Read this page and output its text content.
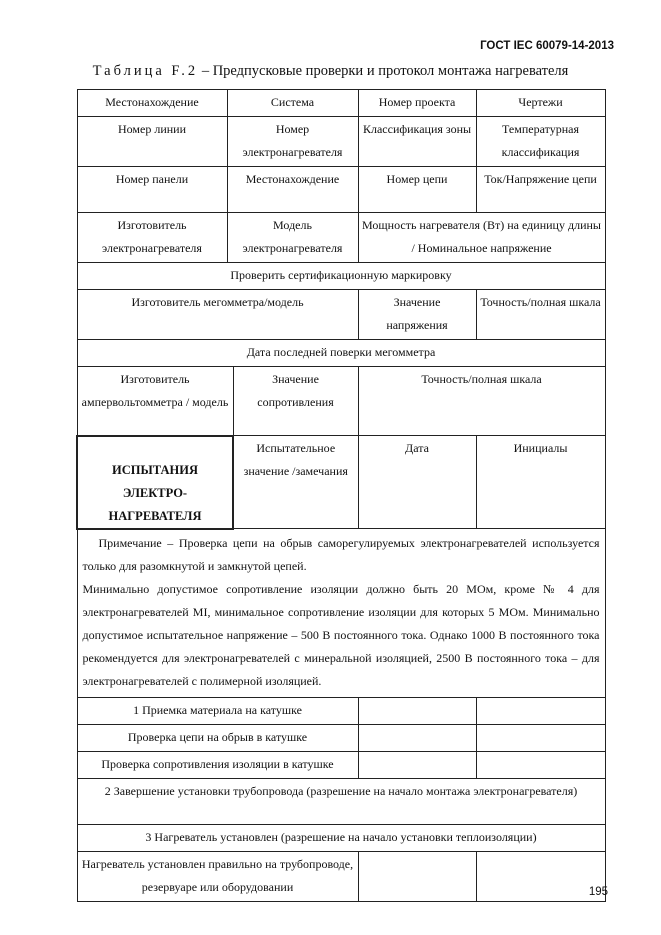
ГОСТ IEC 60079-14-2013
Таблица F.2 – Предпусковые проверки и протокол монтажа нагревателя
Местонахождение	Система		Номер проекта	Чертежи
Номер линии	Номер электронагревателя		Классификация зоны	Температурная классификация
Номер панели	Местонахождение		Номер цепи	Ток/Напряжение цепи
Изготовитель электронагревателя	Модель электронагревателя		Мощность нагревателя (Вт) на единицу длины / Номинальное напряжение	
Проверить сертификационную маркировку				
Изготовитель мегомметра/модель			Значение напряжения	Точность/полная шкала
Дата последней поверки мегомметра				
Изготовитель ампервольтомметра / модель		Значение сопротивления	Точность/полная шкала	
ИСПЫТАНИЯ ЭЛЕКТРО-НАГРЕВАТЕЛЯ		Испытательное значение /замечания	Дата	Инициалы

Примечание – Проверка цепи на обрыв саморегулируемых электронагревателей используется только для разомкнутой и замкнутой цепей.
Минимально допустимое сопротивление изоляции должно быть 20 МОм, кроме № 4 для электронагревателей MI, минимальное сопротивление изоляции для которых 5 МОм. Минимально допустимое испытательное напряжение – 500 В постоянного тока. Однако 1000 В постоянного тока рекомендуется для электронагревателей с минеральной изоляцией, 2500 В постоянного тока – для электронагревателей с полимерной изоляцией.				

1 Приемка материала на катушке				
Проверка цепи на обрыв в катушке				
Проверка сопротивления изоляции в катушке				
2 Завершение установки трубопровода (разрешение на начало монтажа электронагревателя)				
3 Нагреватель установлен (разрешение на начало установки теплоизоляции)				
Нагреватель установлен правильно на трубопроводе, резервуаре или оборудовании					195
